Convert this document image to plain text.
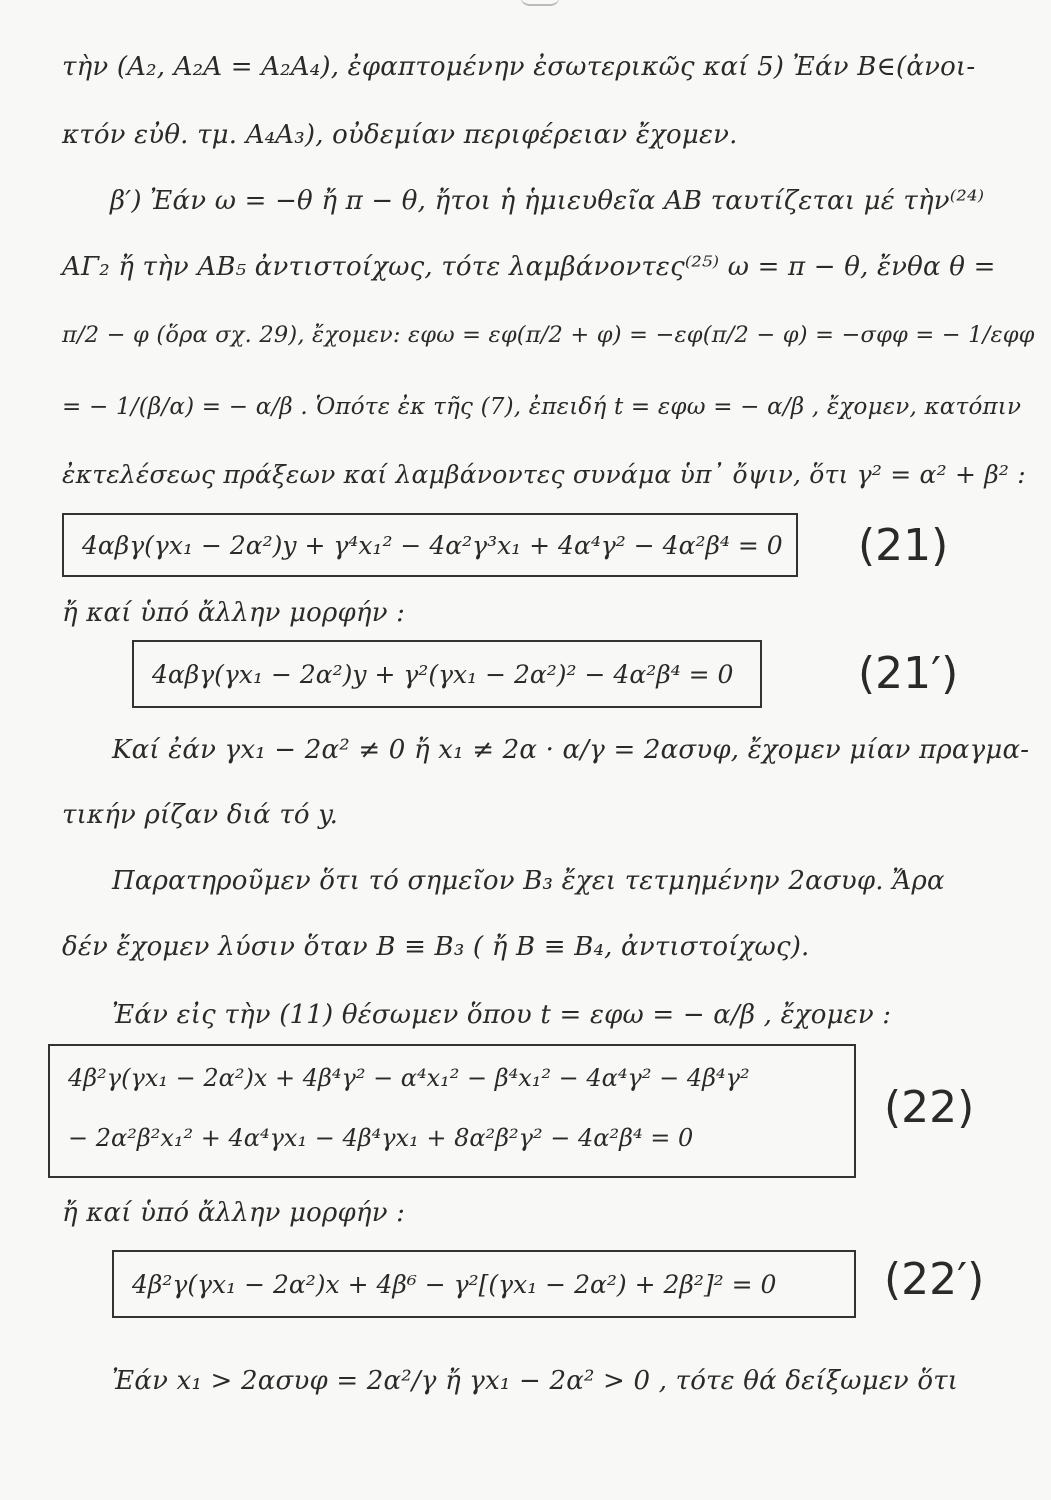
τὴν (A₂, A₂A = A₂A₄), ἐφαπτομένην ἐσωτερικῶς καί 5) Ἐάν B∈(ἀνοι-
κτόν εὐθ. τμ. A₄A₃), οὐδεμίαν περιφέρειαν ἔχομεν.
β′) Ἐάν ω = −θ ἤ π − θ, ἤτοι ἡ ἡμιευθεῖα AB ταυτίζεται μέ τὴν⁽²⁴⁾
AΓ₂ ἤ τὴν AB₅ ἀντιστοίχως, τότε λαμβάνοντες⁽²⁵⁾ ω = π − θ, ἔνθα θ =
π/2 − φ (ὅρα σχ. 29), ἔχομεν: εφω = εφ(π/2 + φ) = −εφ(π/2 − φ) = −σφφ = − 1/εφφ
= − 1/(β/α) = − α/β . Ὁπότε ἐκ τῆς (7), ἐπειδή t = εφω = − α/β , ἔχομεν, κατόπιν
ἐκτελέσεως πράξεων καί λαμβάνοντες συνάμα ὑπ᾽ ὄψιν, ὅτι γ² = α² + β² :
4αβγ(γx₁ − 2α²)y + γ⁴x₁² − 4α²γ³x₁ + 4α⁴γ² − 4α²β⁴ = 0 (21)
ἤ καί ὑπό ἄλλην μορφήν :
4αβγ(γx₁ − 2α²)y + γ²(γx₁ − 2α²)² − 4α²β⁴ = 0	(21′)
Καί ἐάν γx₁ − 2α² ≠ 0 ἤ x₁ ≠ 2α · α/γ = 2ασυφ, ἔχομεν μίαν πραγμα-
τικήν ρίζαν διά τό y.
Παρατηροῦμεν ὅτι τό σημεῖον B₃ ἔχει τετμημένην 2ασυφ. Ἄρα
δέν ἔχομεν λύσιν ὅταν B ≡ B₃ ( ἤ B ≡ B₄, ἀντιστοίχως).
Ἐάν εἰς τὴν (11) θέσωμεν ὅπου t = εφω = − α/β , ἔχομεν :
4β²γ(γx₁ − 2α²)x + 4β⁴γ² − α⁴x₁² − β⁴x₁² − 4α⁴γ² − 4β⁴γ²
− 2α²β²x₁² + 4α⁴γx₁ − 4β⁴γx₁ + 8α²β²γ² − 4α²β⁴ = 0
(22)
ἤ καί ὑπό ἄλλην μορφήν :
4β²γ(γx₁ − 2α²)x + 4β⁶ − γ²[(γx₁ − 2α²) + 2β²]² = 0 (22′)
Ἐάν x₁ > 2ασυφ = 2α²/γ ἤ γx₁ − 2α² > 0 , τότε θά δείξωμεν ὅτι
